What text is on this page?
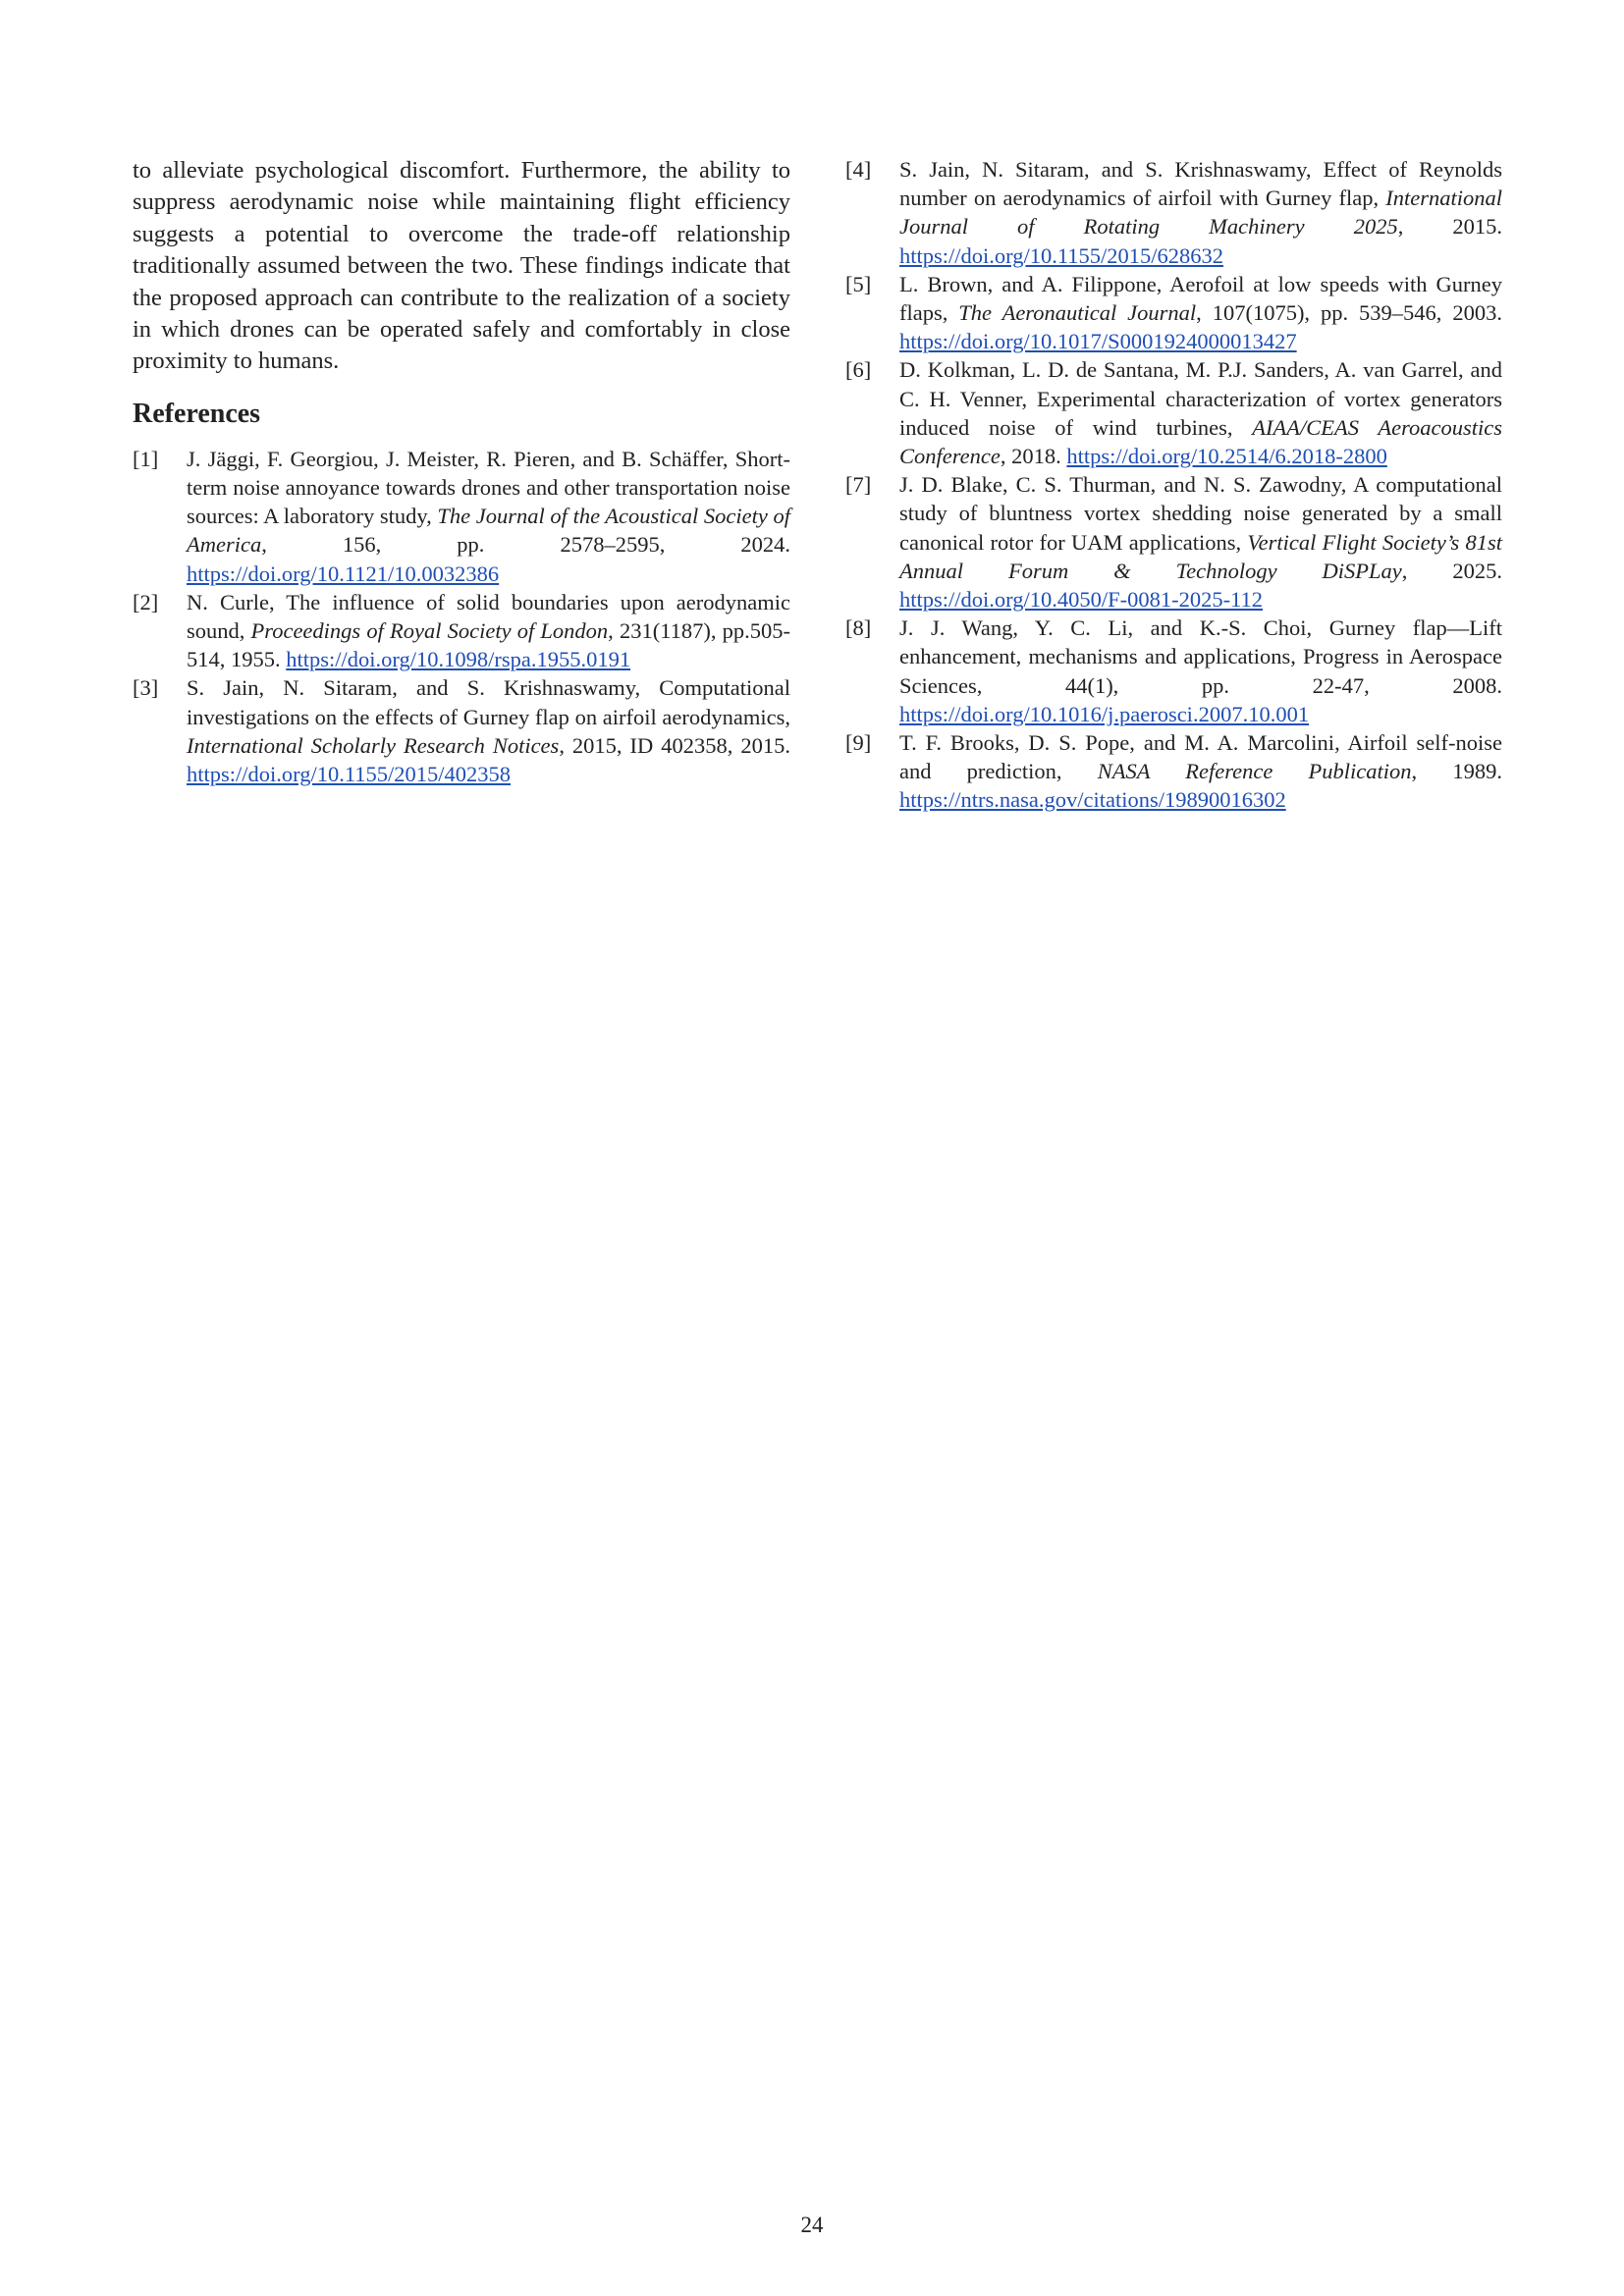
to alleviate psychological discomfort. Furthermore, the ability to suppress aerodynamic noise while maintaining flight efficiency suggests a potential to overcome the trade-off relationship traditionally assumed between the two. These findings indicate that the proposed approach can contribute to the realization of a society in which drones can be operated safely and comfortably in close proximity to humans.

References
[1]	J. Jäggi, F. Georgiou, J. Meister, R. Pieren, and B. Schäffer, Short-term noise annoyance towards drones and other transportation noise sources: A laboratory study, The Journal of the Acoustical Society of America, 156, pp. 2578–2595, 2024. https://doi.org/10.1121/10.0032386
[2]	N. Curle, The influence of solid boundaries upon aerodynamic sound, Proceedings of Royal Society of London, 231(1187), pp.505-514, 1955. https://doi.org/10.1098/rspa.1955.0191
[3]	S. Jain, N. Sitaram, and S. Krishnaswamy, Computational investigations on the effects of Gurney flap on airfoil aerodynamics, International Scholarly Research Notices, 2015, ID 402358, 2015. https://doi.org/10.1155/2015/402358
[4]	S. Jain, N. Sitaram, and S. Krishnaswamy, Effect of Reynolds number on aerodynamics of airfoil with Gurney flap, International Journal of Rotating Machinery 2025, 2015. https://doi.org/10.1155/2015/628632
[5]	L. Brown, and A. Filippone, Aerofoil at low speeds with Gurney flaps, The Aeronautical Journal, 107(1075), pp. 539–546, 2003. https://doi.org/10.1017/S0001924000013427
[6]	D. Kolkman, L. D. de Santana, M. P.J. Sanders, A. van Garrel, and C. H. Venner, Experimental characterization of vortex generators induced noise of wind turbines, AIAA/CEAS Aeroacoustics Conference, 2018. https://doi.org/10.2514/6.2018-2800
[7]	J. D. Blake, C. S. Thurman, and N. S. Zawodny, A computational study of bluntness vortex shedding noise generated by a small canonical rotor for UAM applications, Vertical Flight Society’s 81st Annual Forum & Technology DiSPLay, 2025. https://doi.org/10.4050/F-0081-2025-112
[8]	J. J. Wang, Y. C. Li, and K.-S. Choi, Gurney flap—Lift enhancement, mechanisms and applications, Progress in Aerospace Sciences, 44(1), pp. 22-47, 2008. https://doi.org/10.1016/j.paerosci.2007.10.001
[9]	T. F. Brooks, D. S. Pope, and M. A. Marcolini, Airfoil self-noise and prediction, NASA Reference Publication, 1989. https://ntrs.nasa.gov/citations/19890016302
24
